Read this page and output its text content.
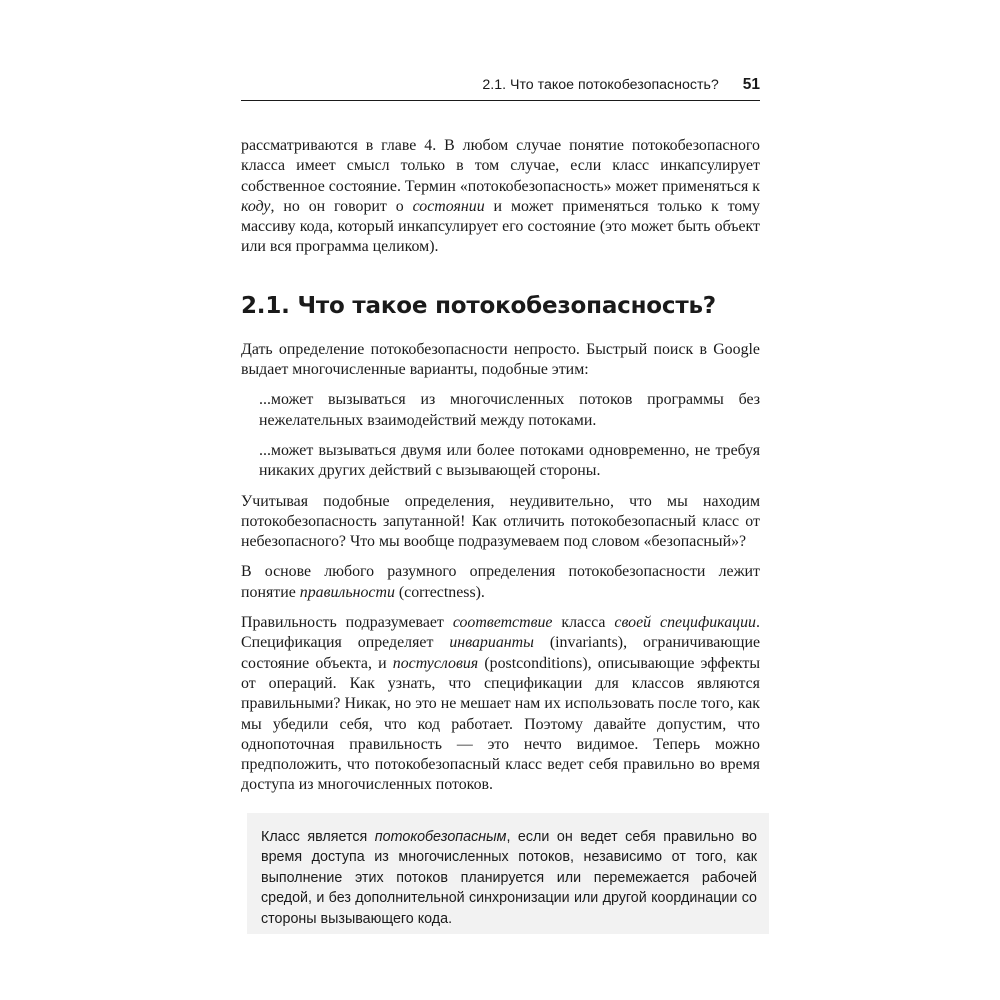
2.1. Что такое потокобезопасность? 51

рассматриваются в главе 4. В любом случае понятие потокобезопасного класса имеет смысл только в том случае, если класс инкапсулирует собственное состояние. Термин «потокобезопасность» может применяться к коду, но он говорит о состоянии и может применяться только к тому массиву кода, который инкапсулирует его состояние (это может быть объект или вся программа целиком).

2.1. Что такое потокобезопасность?

Дать определение потокобезопасности непросто. Быстрый поиск в Google выдает многочисленные варианты, подобные этим:

...может вызываться из многочисленных потоков программы без нежелательных взаимодействий между потоками.

...может вызываться двумя или более потоками одновременно, не требуя никаких других действий с вызывающей стороны.

Учитывая подобные определения, неудивительно, что мы находим потокобезопасность запутанной! Как отличить потокобезопасный класс от небезопасного? Что мы вообще подразумеваем под словом «безопасный»?

В основе любого разумного определения потокобезопасности лежит понятие правильности (correctness).

Правильность подразумевает соответствие класса своей спецификации. Спецификация определяет инварианты (invariants), ограничивающие состояние объекта, и постусловия (postconditions), описывающие эффекты от операций. Как узнать, что спецификации для классов являются правильными? Никак, но это не мешает нам их использовать после того, как мы убедили себя, что код работает. Поэтому давайте допустим, что однопоточная правильность — это нечто видимое. Теперь можно предположить, что потокобезопасный класс ведет себя правильно во время доступа из многочисленных потоков.

Класс является потокобезопасным, если он ведет себя правильно во время доступа из многочисленных потоков, независимо от того, как выполнение этих потоков планируется или перемежается рабочей средой, и без дополнительной синхронизации или другой координации со стороны вызывающего кода.
